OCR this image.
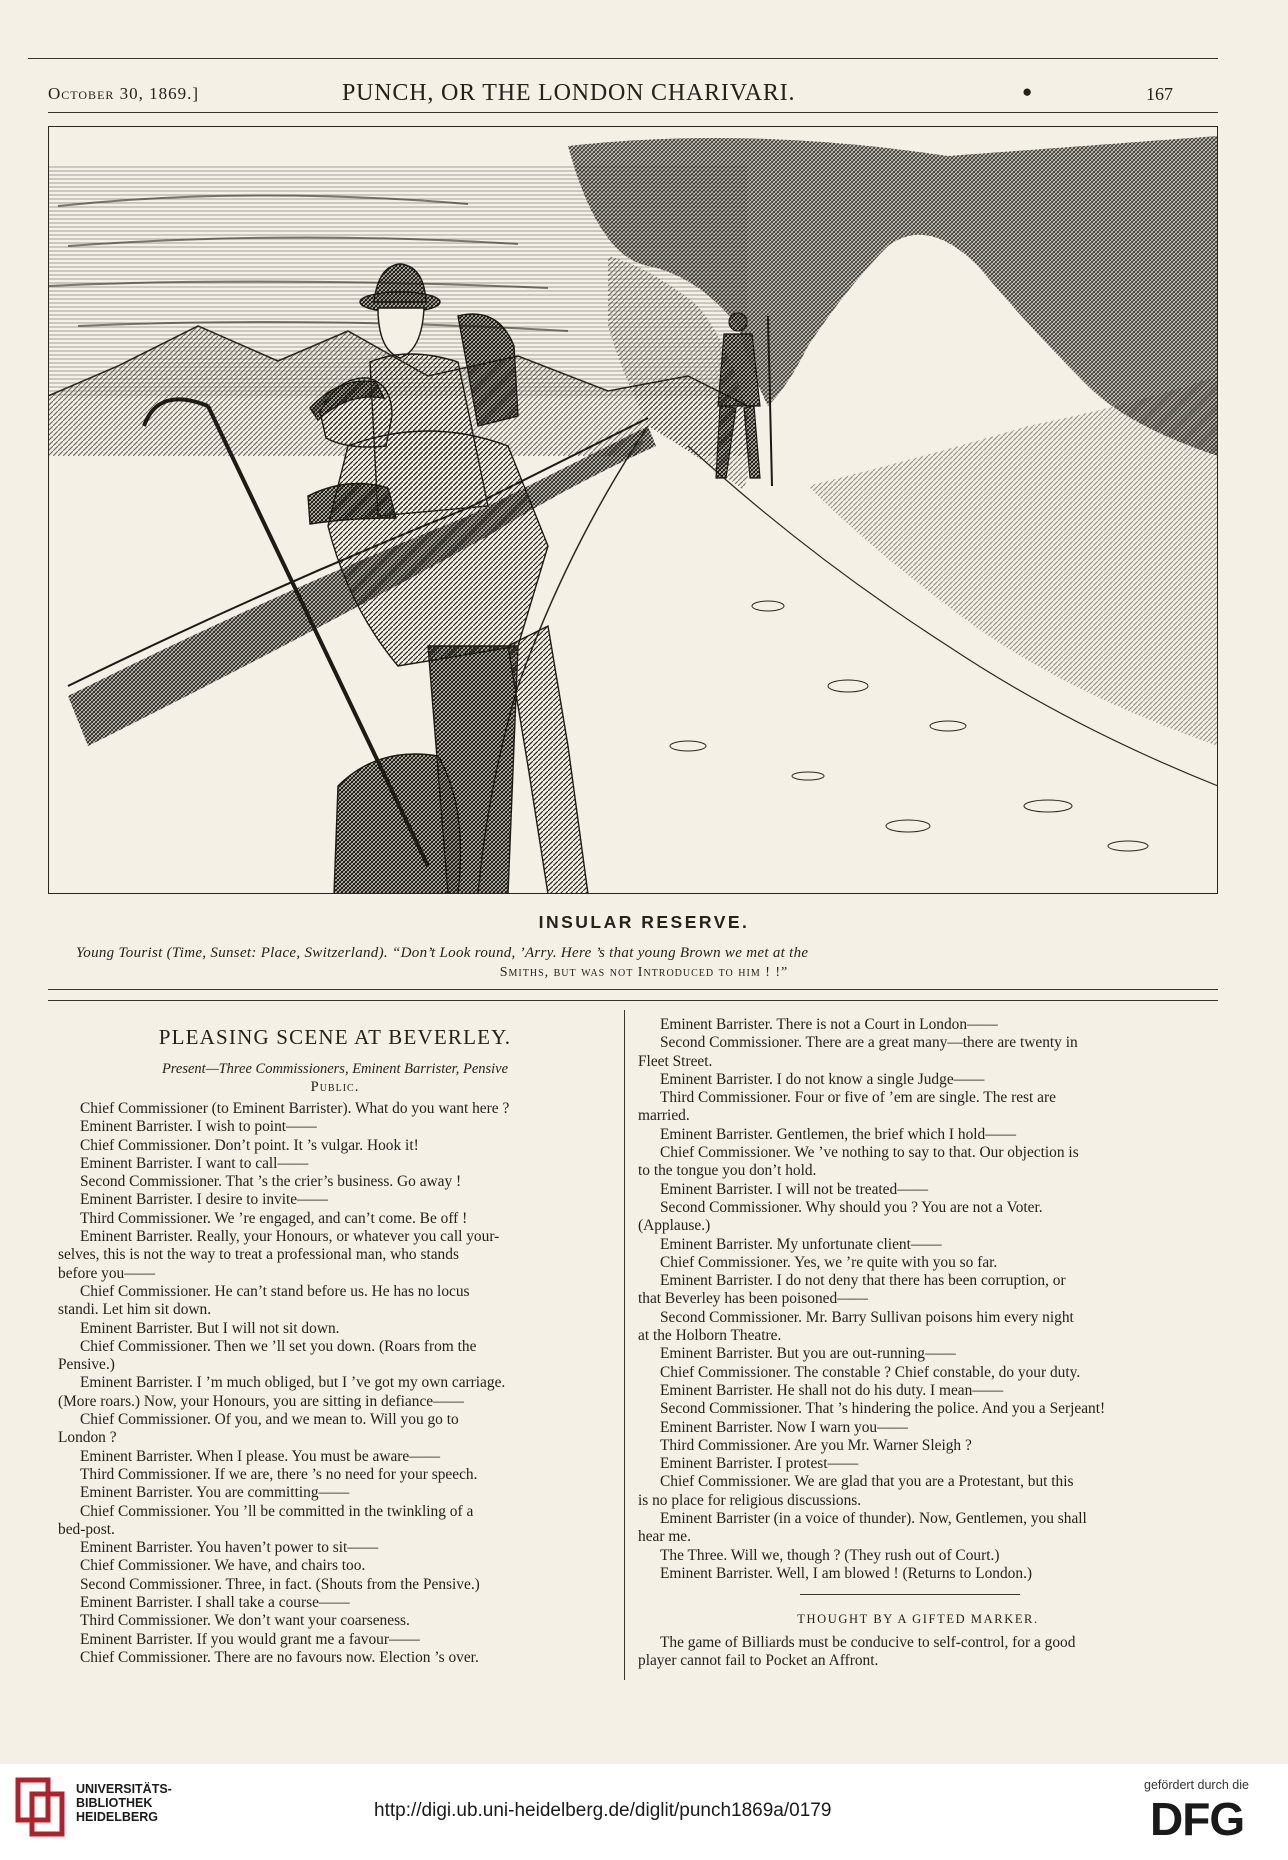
October 30, 1869.]	PUNCH, OR THE LONDON CHARIVARI.	●	167
INSULAR RESERVE.
Young Tourist (Time, Sunset: Place, Switzerland). “Don’t Look round, ’Arry. Here ’s that young Brown we met at the
Smiths, but was not Introduced to him ! !”

PLEASING SCENE AT BEVERLEY.

Present—Three Commissioners, Eminent Barrister, Pensive

Public.

Chief Commissioner (to Eminent Barrister). What do you want here ?

Eminent Barrister. I wish to point——

Chief Commissioner. Don’t point. It ’s vulgar. Hook it!

Eminent Barrister. I want to call——

Second Commissioner. That ’s the crier’s business. Go away !

Eminent Barrister. I desire to invite——

Third Commissioner. We ’re engaged, and can’t come. Be off !

Eminent Barrister. Really, your Honours, or whatever you call your-

selves, this is not the way to treat a professional man, who stands

before you——

Chief Commissioner. He can’t stand before us. He has no locus

standi. Let him sit down.

Eminent Barrister. But I will not sit down.

Chief Commissioner. Then we ’ll set you down. (Roars from the

Pensive.)

Eminent Barrister. I ’m much obliged, but I ’ve got my own carriage.

(More roars.) Now, your Honours, you are sitting in defiance——

Chief Commissioner. Of you, and we mean to. Will you go to

London ?

Eminent Barrister. When I please. You must be aware——

Third Commissioner. If we are, there ’s no need for your speech.

Eminent Barrister. You are committing——

Chief Commissioner. You ’ll be committed in the twinkling of a

bed-post.

Eminent Barrister. You haven’t power to sit——

Chief Commissioner. We have, and chairs too.

Second Commissioner. Three, in fact. (Shouts from the Pensive.)

Eminent Barrister. I shall take a course——

Third Commissioner. We don’t want your coarseness.

Eminent Barrister. If you would grant me a favour——

Chief Commissioner. There are no favours now. Election ’s over.

Eminent Barrister. There is not a Court in London——

Second Commissioner. There are a great many—there are twenty in

Fleet Street.

Eminent Barrister. I do not know a single Judge——

Third Commissioner. Four or five of ’em are single. The rest are

married.

Eminent Barrister. Gentlemen, the brief which I hold——

Chief Commissioner. We ’ve nothing to say to that. Our objection is

to the tongue you don’t hold.

Eminent Barrister. I will not be treated——

Second Commissioner. Why should you ? You are not a Voter.

(Applause.)

Eminent Barrister. My unfortunate client——

Chief Commissioner. Yes, we ’re quite with you so far.

Eminent Barrister. I do not deny that there has been corruption, or

that Beverley has been poisoned——

Second Commissioner. Mr. Barry Sullivan poisons him every night

at the Holborn Theatre.

Eminent Barrister. But you are out-running——

Chief Commissioner. The constable ? Chief constable, do your duty.

Eminent Barrister. He shall not do his duty. I mean——

Second Commissioner. That ’s hindering the police. And you a Serjeant!

Eminent Barrister. Now I warn you——

Third Commissioner. Are you Mr. Warner Sleigh ?

Eminent Barrister. I protest——

Chief Commissioner. We are glad that you are a Protestant, but this

is no place for religious discussions.

Eminent Barrister (in a voice of thunder). Now, Gentlemen, you shall

hear me.

The Three. Will we, though ? (They rush out of Court.)

Eminent Barrister. Well, I am blowed ! (Returns to London.)

THOUGHT BY A GIFTED MARKER.

The game of Billiards must be conducive to self-control, for a good

player cannot fail to Pocket an Affront.

UNIVERSITÄTS- BIBLIOTHEK HEIDELBERG	http://digi.ub.uni-heidelberg.de/diglit/punch1869a/0179
gefördert durch die
DFG
